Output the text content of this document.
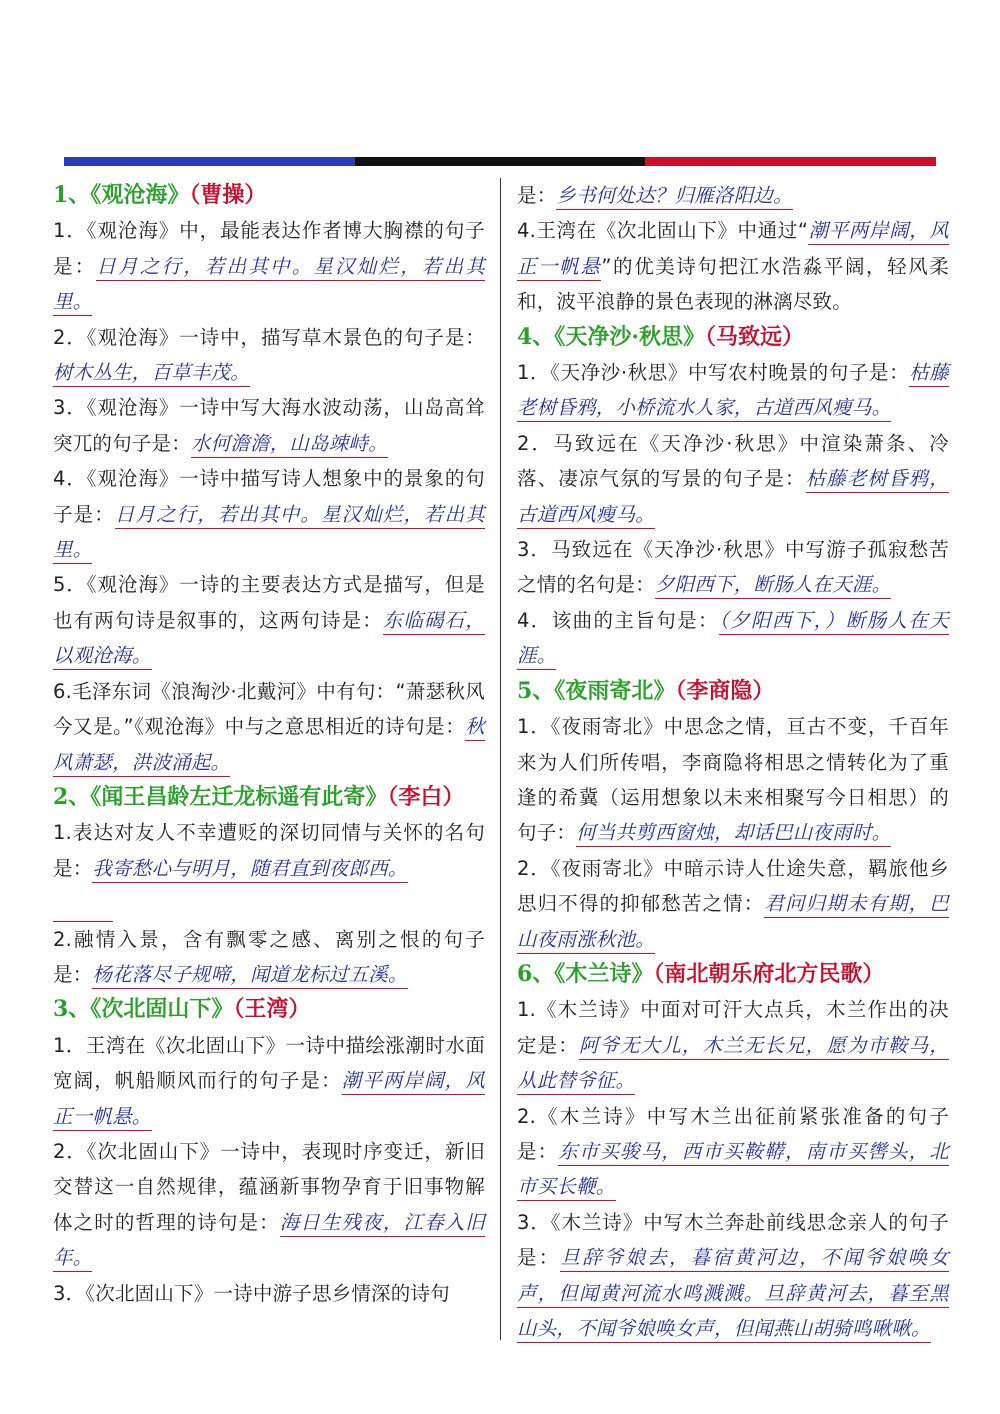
1、《观沧海》（曹操）

1．《观沧海》中，最能表达作者博大胸襟的句子是：日月之行，若出其中。星汉灿烂，若出其里。

2．《观沧海》一诗中，描写草木景色的句子是：树木丛生，百草丰茂。

3．《观沧海》一诗中写大海水波动荡，山岛高耸突兀的句子是：水何澹澹，山岛竦峙。

4．《观沧海》一诗中描写诗人想象中的景象的句子是：日月之行，若出其中。星汉灿烂，若出其里。

5．《观沧海》一诗的主要表达方式是描写，但是也有两句诗是叙事的，这两句诗是：东临碣石，以观沧海。

6.毛泽东词《浪淘沙·北戴河》中有句：“萧瑟秋风今又是。”《观沧海》中与之意思相近的诗句是：秋风萧瑟，洪波涌起。

2、《闻王昌龄左迁龙标遥有此寄》（李白）

1.表达对友人不幸遭贬的深切同情与关怀的名句是：我寄愁心与明月，随君直到夜郎西。

2.融情入景，含有飘零之感、离别之恨的句子是：杨花落尽子规啼，闻道龙标过五溪。

3、《次北固山下》（王湾）

1．王湾在《次北固山下》一诗中描绘涨潮时水面宽阔，帆船顺风而行的句子是：潮平两岸阔，风正一帆悬。

2．《次北固山下》一诗中，表现时序变迁，新旧交替这一自然规律，蕴涵新事物孕育于旧事物解体之时的哲理的诗句是：海日生残夜，江春入旧年。

3．《次北固山下》一诗中游子思乡情深的诗句

是：乡书何处达？归雁洛阳边。

4.王湾在《次北固山下》中通过“潮平两岸阔，风正一帆悬”的优美诗句把江水浩淼平阔，轻风柔和，波平浪静的景色表现的淋漓尽致。

4、《天净沙·秋思》（马致远）

1．《天净沙·秋思》中写农村晚景的句子是：枯藤老树昏鸦，小桥流水人家，古道西风瘦马。

2．马致远在《天净沙·秋思》中渲染萧条、冷落、凄凉气氛的写景的句子是：枯藤老树昏鸦，古道西风瘦马。

3．马致远在《天净沙·秋思》中写游子孤寂愁苦之情的名句是：夕阳西下，断肠人在天涯。

4．该曲的主旨句是：（夕阳西下，）断肠人在天涯。

5、《夜雨寄北》（李商隐）

1．《夜雨寄北》中思念之情，亘古不变，千百年来为人们所传唱，李商隐将相思之情转化为了重逢的希冀（运用想象以未来相聚写今日相思）的句子：何当共剪西窗烛，却话巴山夜雨时。

2．《夜雨寄北》中暗示诗人仕途失意，羁旅他乡思归不得的抑郁愁苦之情：君问归期未有期，巴山夜雨涨秋池。

6、《木兰诗》（南北朝乐府北方民歌）

1.《木兰诗》中面对可汗大点兵，木兰作出的决定是：阿爷无大儿，木兰无长兄，愿为市鞍马，从此替爷征。

2.《木兰诗》中写木兰出征前紧张准备的句子是：东市买骏马，西市买鞍鞯，南市买辔头，北市买长鞭。

3．《木兰诗》中写木兰奔赴前线思念亲人的句子是：旦辞爷娘去，暮宿黄河边，不闻爷娘唤女声，但闻黄河流水鸣溅溅。旦辞黄河去，暮至黑山头，不闻爷娘唤女声，但闻燕山胡骑鸣啾啾。
